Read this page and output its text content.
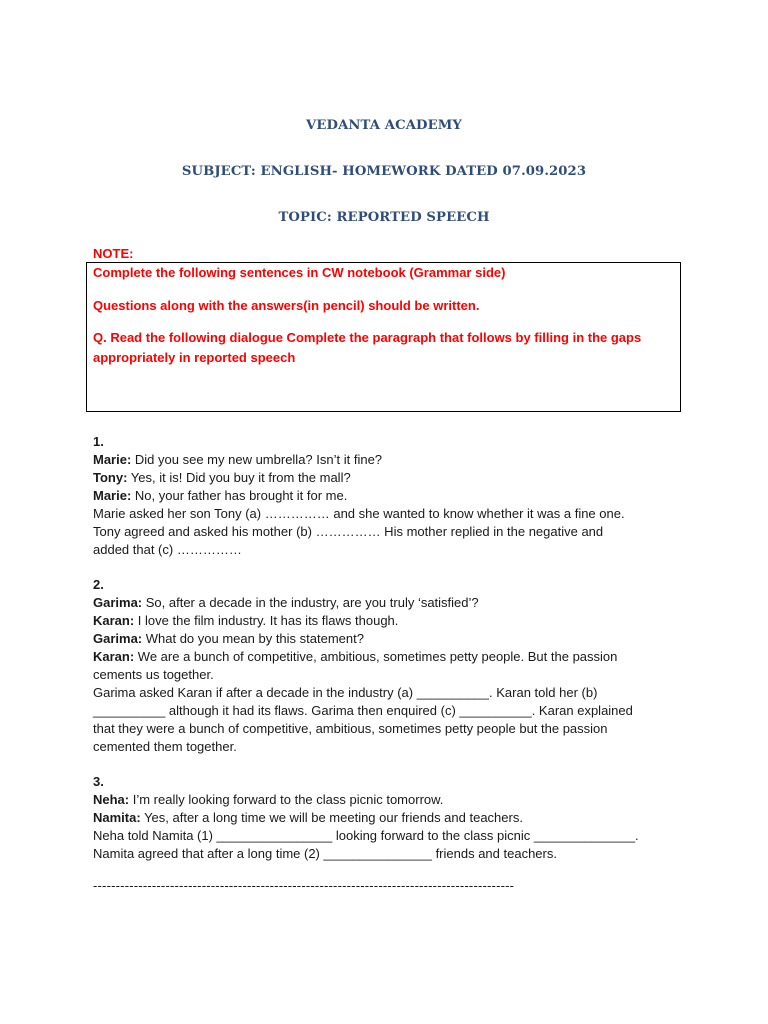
VEDANTA ACADEMY
SUBJECT: ENGLISH- HOMEWORK DATED 07.09.2023
TOPIC: REPORTED SPEECH
NOTE:
Complete the following sentences in CW notebook (Grammar side)
Questions along with the answers(in pencil) should be written.
Q. Read the following dialogue Complete the paragraph that follows by filling in the gaps
appropriately in reported speech
1.
Marie: Did you see my new umbrella? Isn’t it fine?
Tony: Yes, it is! Did you buy it from the mall?
Marie: No, your father has brought it for me.
Marie asked her son Tony (a) …………… and she wanted to know whether it was a fine one.
Tony agreed and asked his mother (b) …………… His mother replied in the negative and
added that (c) ……………
2.
Garima: So, after a decade in the industry, are you truly ‘satisfied’?
Karan: I love the film industry. It has its flaws though.
Garima: What do you mean by this statement?
Karan: We are a bunch of competitive, ambitious, sometimes petty people. But the passion
cements us together.
Garima asked Karan if after a decade in the industry (a) __________. Karan told her (b)
__________ although it had its flaws. Garima then enquired (c) __________. Karan explained
that they were a bunch of competitive, ambitious, sometimes petty people but the passion
cemented them together.
3.
Neha: I’m really looking forward to the class picnic tomorrow.
Namita: Yes, after a long time we will be meeting our friends and teachers.
Neha told Namita (1) ________________ looking forward to the class picnic ______________.
Namita agreed that after a long time (2) _______________ friends and teachers.
---------------------------------------------------------------------------------------------
